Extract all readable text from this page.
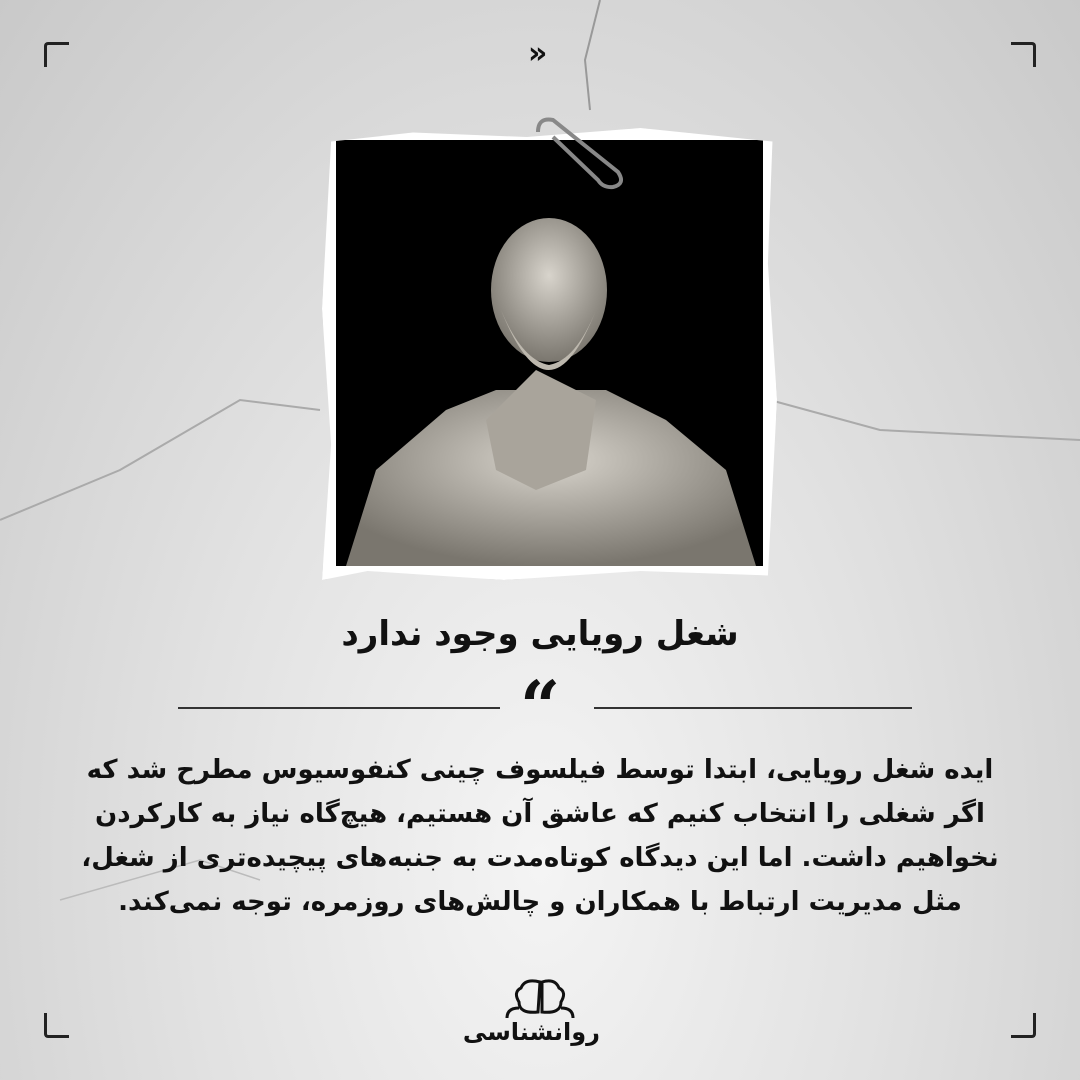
»
شغل رویایی وجود ندارد
“
ایده شغل رویایی، ابتدا توسط فیلسوف چینی کنفوسیوس مطرح شد که
اگر شغلی را انتخاب کنیم که عاشق آن هستیم، هیچ‌گاه نیاز به کارکردن
نخواهیم داشت. اما این دیدگاه کوتاه‌مدت به جنبه‌های پیچیده‌تری از شغل،
مثل مدیریت ارتباط با همکاران و چالش‌های روزمره، توجه نمی‌کند.
روانشناسی
